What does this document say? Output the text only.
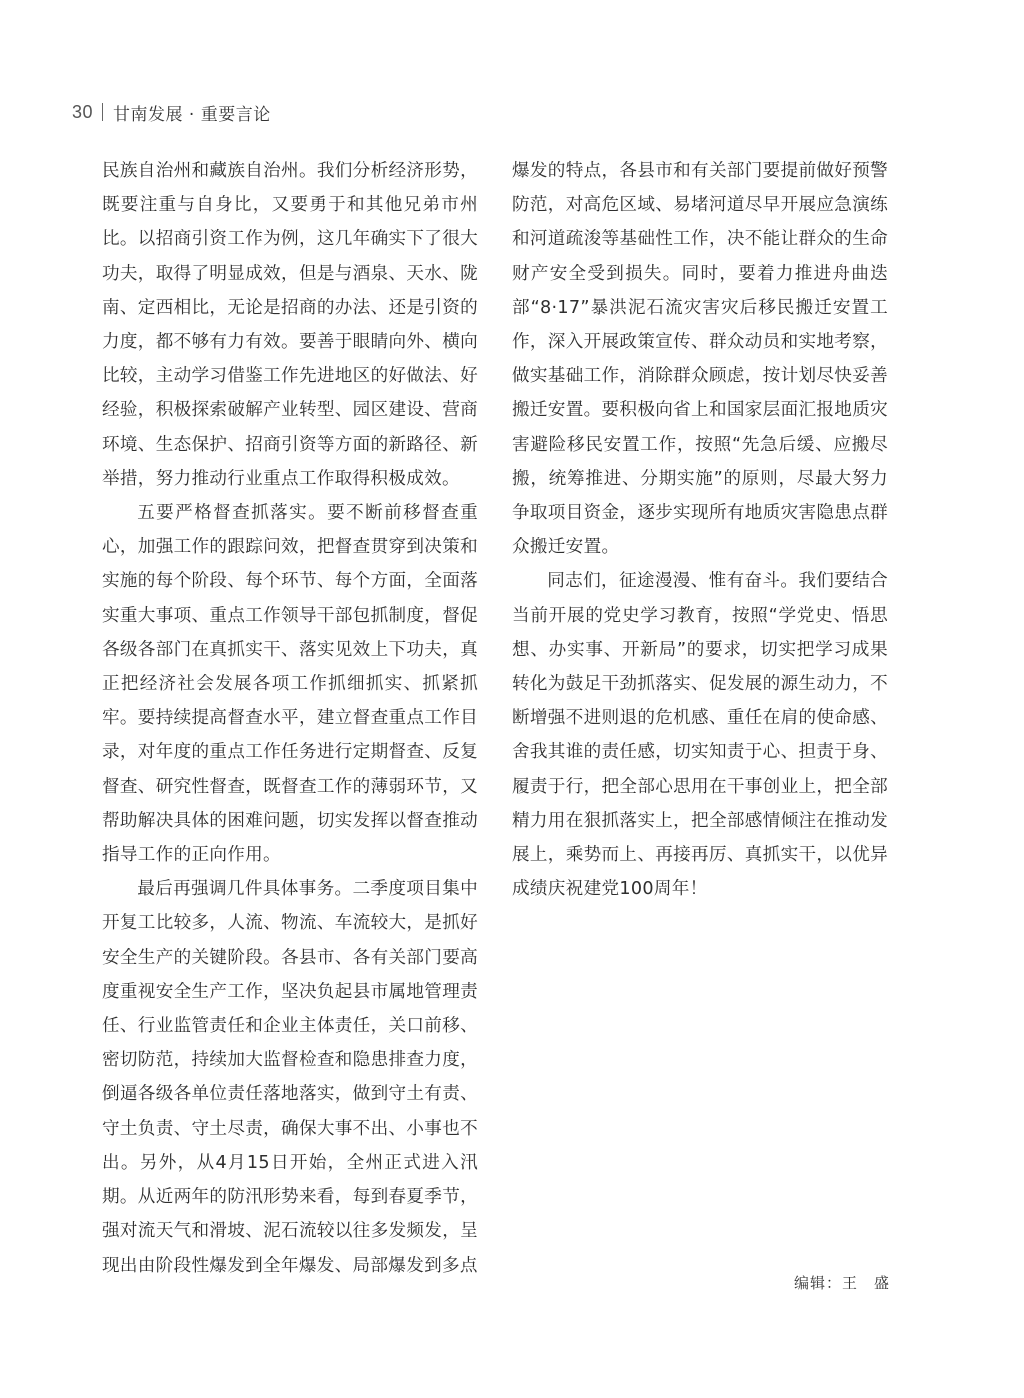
30 甘南发展 · 重要言论

民族自治州和藏族自治州。我们分析经济形势，既要注重与自身比，又要勇于和其他兄弟市州比。以招商引资工作为例，这几年确实下了很大功夫，取得了明显成效，但是与酒泉、天水、陇南、定西相比，无论是招商的办法、还是引资的力度，都不够有力有效。要善于眼睛向外、横向比较，主动学习借鉴工作先进地区的好做法、好经验，积极探索破解产业转型、园区建设、营商环境、生态保护、招商引资等方面的新路径、新举措，努力推动行业重点工作取得积极成效。

五要严格督查抓落实。要不断前移督查重心，加强工作的跟踪问效，把督查贯穿到决策和实施的每个阶段、每个环节、每个方面，全面落实重大事项、重点工作领导干部包抓制度，督促各级各部门在真抓实干、落实见效上下功夫，真正把经济社会发展各项工作抓细抓实、抓紧抓牢。要持续提高督查水平，建立督查重点工作目录，对年度的重点工作任务进行定期督查、反复督查、研究性督查，既督查工作的薄弱环节，又帮助解决具体的困难问题，切实发挥以督查推动指导工作的正向作用。

最后再强调几件具体事务。二季度项目集中开复工比较多，人流、物流、车流较大，是抓好安全生产的关键阶段。各县市、各有关部门要高度重视安全生产工作，坚决负起县市属地管理责任、行业监管责任和企业主体责任，关口前移、密切防范，持续加大监督检查和隐患排查力度，倒逼各级各单位责任落地落实，做到守土有责、守土负责、守土尽责，确保大事不出、小事也不出。另外，从4月15日开始，全州正式进入汛期。从近两年的防汛形势来看，每到春夏季节，强对流天气和滑坡、泥石流较以往多发频发，呈现出由阶段性爆发到全年爆发、局部爆发到多点

爆发的特点，各县市和有关部门要提前做好预警防范，对高危区域、易堵河道尽早开展应急演练和河道疏浚等基础性工作，决不能让群众的生命财产安全受到损失。同时，要着力推进舟曲迭部“8·17”暴洪泥石流灾害灾后移民搬迁安置工作，深入开展政策宣传、群众动员和实地考察，做实基础工作，消除群众顾虑，按计划尽快妥善搬迁安置。要积极向省上和国家层面汇报地质灾害避险移民安置工作，按照“先急后缓、应搬尽搬，统筹推进、分期实施”的原则，尽最大努力争取项目资金，逐步实现所有地质灾害隐患点群众搬迁安置。

同志们，征途漫漫、惟有奋斗。我们要结合当前开展的党史学习教育，按照“学党史、悟思想、办实事、开新局”的要求，切实把学习成果转化为鼓足干劲抓落实、促发展的源生动力，不断增强不进则退的危机感、重任在肩的使命感、舍我其谁的责任感，切实知责于心、担责于身、履责于行，把全部心思用在干事创业上，把全部精力用在狠抓落实上，把全部感情倾注在推动发展上，乘势而上、再接再厉、真抓实干，以优异成绩庆祝建党100周年！

编辑：王　盛
